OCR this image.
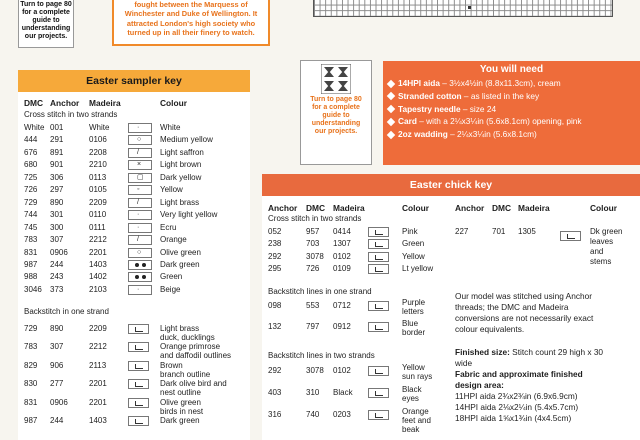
Turn to page 80
for a complete
guide to
understanding
our projects.
fought between the Marquess of
Winchester and Duke of Wellington. It
attracted London's high society who
turned up in all their finery to watch.
Easter sampler key
Turn to page 80
for a complete
guide to
understanding
our projects.
You will need
14HPI aida – 3½x4½in (8.8x11.3cm), cream
Stranded cotton – as listed in the key
Tapestry needle – size 24
Card – with a 2¼x3¼in (5.6x8.1cm) opening, pink
2oz wadding – 2¼x3¼in (5.6x8.1cm)
Easter chick key
DMC Anchor Madeira	Colour
Cross stitch in two strands
White 001	White	·	White
444 291	0106	○ Medium yellow
676 891	2208	/	Light saffron
680 901	2210	× Light brown
725 306	0113	▢ Dark yellow
726 297	0105	◦	Yellow
729 890	2209	/	Light brass
744 301	0110	·	Very light yellow
745 300	0111	·	Ecru
783 307	2212	/	Orange
831 0906	2201	○ Olive green
987 244	1403	Dark green
988 243	1402	Green
3046 373	2103	·	Beige
Backstitch in one strand
729 890	2209	Light brass
duck, ducklings
783 307	2212	Orange primrose
and daffodil outlines
829 906	2113	Brown
branch outline
830 277	2201	Dark olive bird and
nest outline
831 0906	2201	Olive green
birds in nest
987 244	1403	Dark green
Anchor DMC Madeira	Colour	Anchor DMC Madeira	Colour
Cross stitch in two strands
052	957 0414	Pink
238	703 1307	Green
292	3078 0102	Yellow
295	726 0109	Lt yellow
Backstitch lines in one strand
098	553 0712	Purple
letters
132	797 0912	Blue
border
Backstitch lines in two strands
292	3078 0102	Yellow
sun rays
403	310 Black	Black
eyes
316	740 0203	Orange
feet and
beak
227	701 1305	Dk green
leaves
and
stems
Our model was stitched using Anchor
threads; the DMC and Madeira
conversions are not necessarily exact
colour equivalents.
Finished size: Stitch count 29 high x 30
wide
Fabric and approximate finished
design area:
11HPI aida 2¾x2¾in (6.9x6.9cm)
14HPI aida 2⅛x2¼in (5.4x5.7cm)
18HPI aida 1⅝x1¾in (4x4.5cm)
